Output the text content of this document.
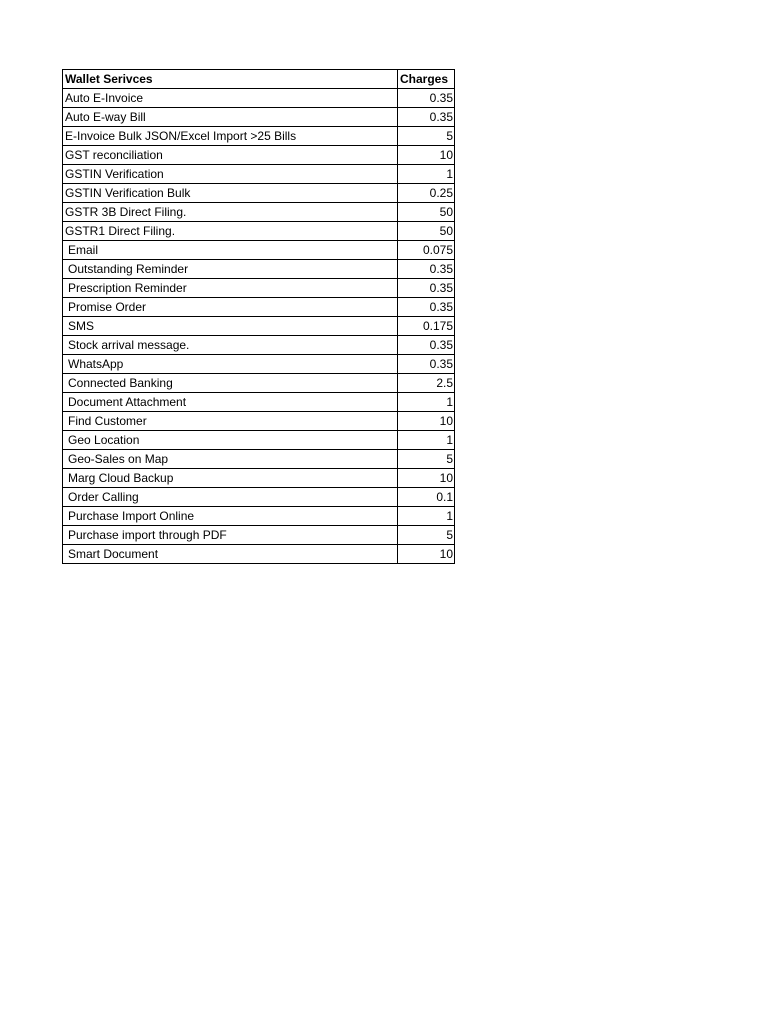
Wallet Serivces	Charges
Auto E-Invoice	0.35
Auto E-way Bill	0.35
E-Invoice Bulk JSON/Excel Import >25 Bills	5
GST reconciliation	10
GSTIN Verification	1
GSTIN Verification Bulk	0.25
GSTR 3B Direct Filing.	50
GSTR1 Direct Filing.	50
Email	0.075
Outstanding Reminder	0.35
Prescription Reminder	0.35
Promise Order	0.35
SMS	0.175
Stock arrival message.	0.35
WhatsApp	0.35
Connected Banking	2.5
Document Attachment	1
Find Customer	10
Geo Location	1
Geo-Sales on Map	5
Marg Cloud Backup	10
Order Calling	0.1
Purchase Import Online	1
Purchase import through PDF	5
Smart Document	10
